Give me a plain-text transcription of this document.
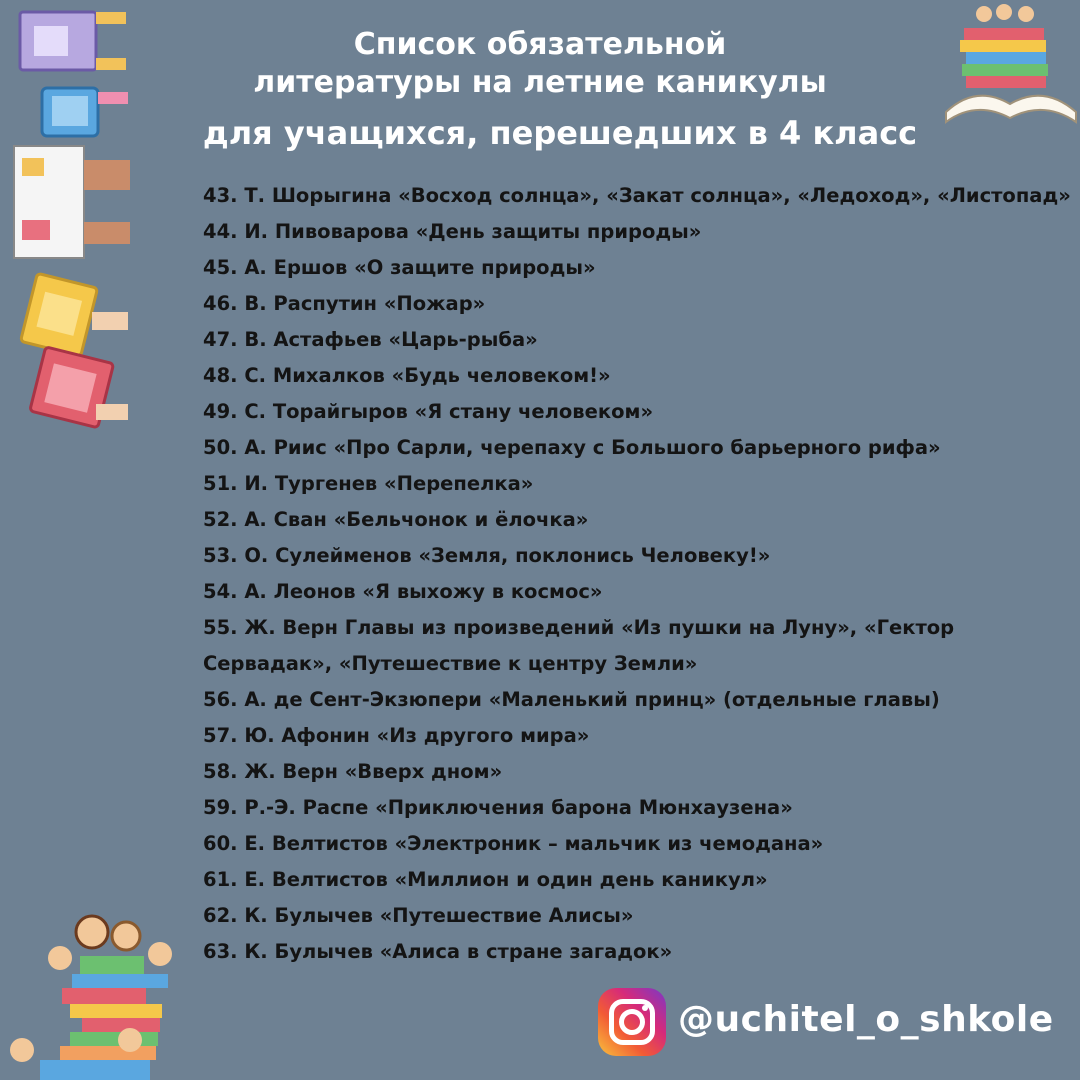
Список обязательной
литературы на летние каникулы
для учащихся, перешедших в 4 класс
43. Т. Шорыгина «Восход солнца», «Закат солнца», «Ледоход», «Листопад»
44. И. Пивоварова «День защиты природы»
45. А. Ершов «О защите природы»
46. В. Распутин «Пожар»
47. В. Астафьев «Царь-рыба»
48. С. Михалков «Будь человеком!»
49. С. Торайгыров «Я стану человеком»
50. А. Риис «Про Сарли, черепаху с Большого барьерного рифа»
51. И. Тургенев «Перепелка»
52. А. Сван «Бельчонок и ёлочка»
53. О. Сулейменов «Земля, поклонись Человеку!»
54. А. Леонов «Я выхожу в космос»
55. Ж. Верн Главы из произведений «Из пушки на Луну», «Гектор Сервадак», «Путешествие к центру Земли»
56. А. де Сент-Экзюпери «Маленький принц» (отдельные главы)
57. Ю. Афонин «Из другого мира»
58. Ж. Верн «Вверх дном»
59. Р.-Э. Распе «Приключения барона Мюнхаузена»
60. Е. Велтистов «Электроник – мальчик из чемодана»
61. Е. Велтистов «Миллион и один день каникул»
62. К. Булычев «Путешествие Алисы»
63. К. Булычев «Алиса в стране загадок»
@uchitel_o_shkole
